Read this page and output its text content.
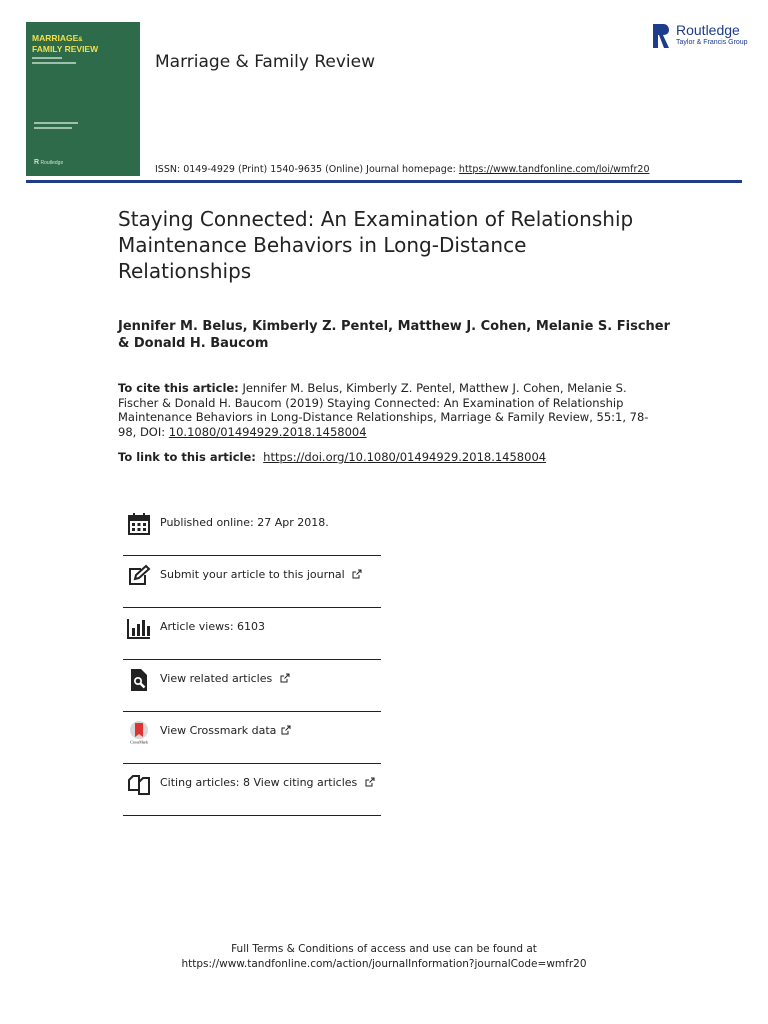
MARRIAGE&
FAMILY REVIEW
R Routledge
Marriage & Family Review
Routledge
Taylor & Francis Group
ISSN: 0149-4929 (Print) 1540-9635 (Online) Journal homepage: https://www.tandfonline.com/loi/wmfr20
Staying Connected: An Examination of Relationship Maintenance Behaviors in Long-Distance Relationships
Jennifer M. Belus, Kimberly Z. Pentel, Matthew J. Cohen, Melanie S. Fischer & Donald H. Baucom
To cite this article: Jennifer M. Belus, Kimberly Z. Pentel, Matthew J. Cohen, Melanie S. Fischer & Donald H. Baucom (2019) Staying Connected: An Examination of Relationship Maintenance Behaviors in Long-Distance Relationships, Marriage & Family Review, 55:1, 78-98, DOI: 10.1080/01494929.2018.1458004
To link to this article: https://doi.org/10.1080/01494929.2018.1458004
Published online: 27 Apr 2018.
Submit your article to this journal
Article views: 6103
View related articles
CrossMark
View Crossmark data
Citing articles: 8 View citing articles
Full Terms & Conditions of access and use can be found at
https://www.tandfonline.com/action/journalInformation?journalCode=wmfr20
